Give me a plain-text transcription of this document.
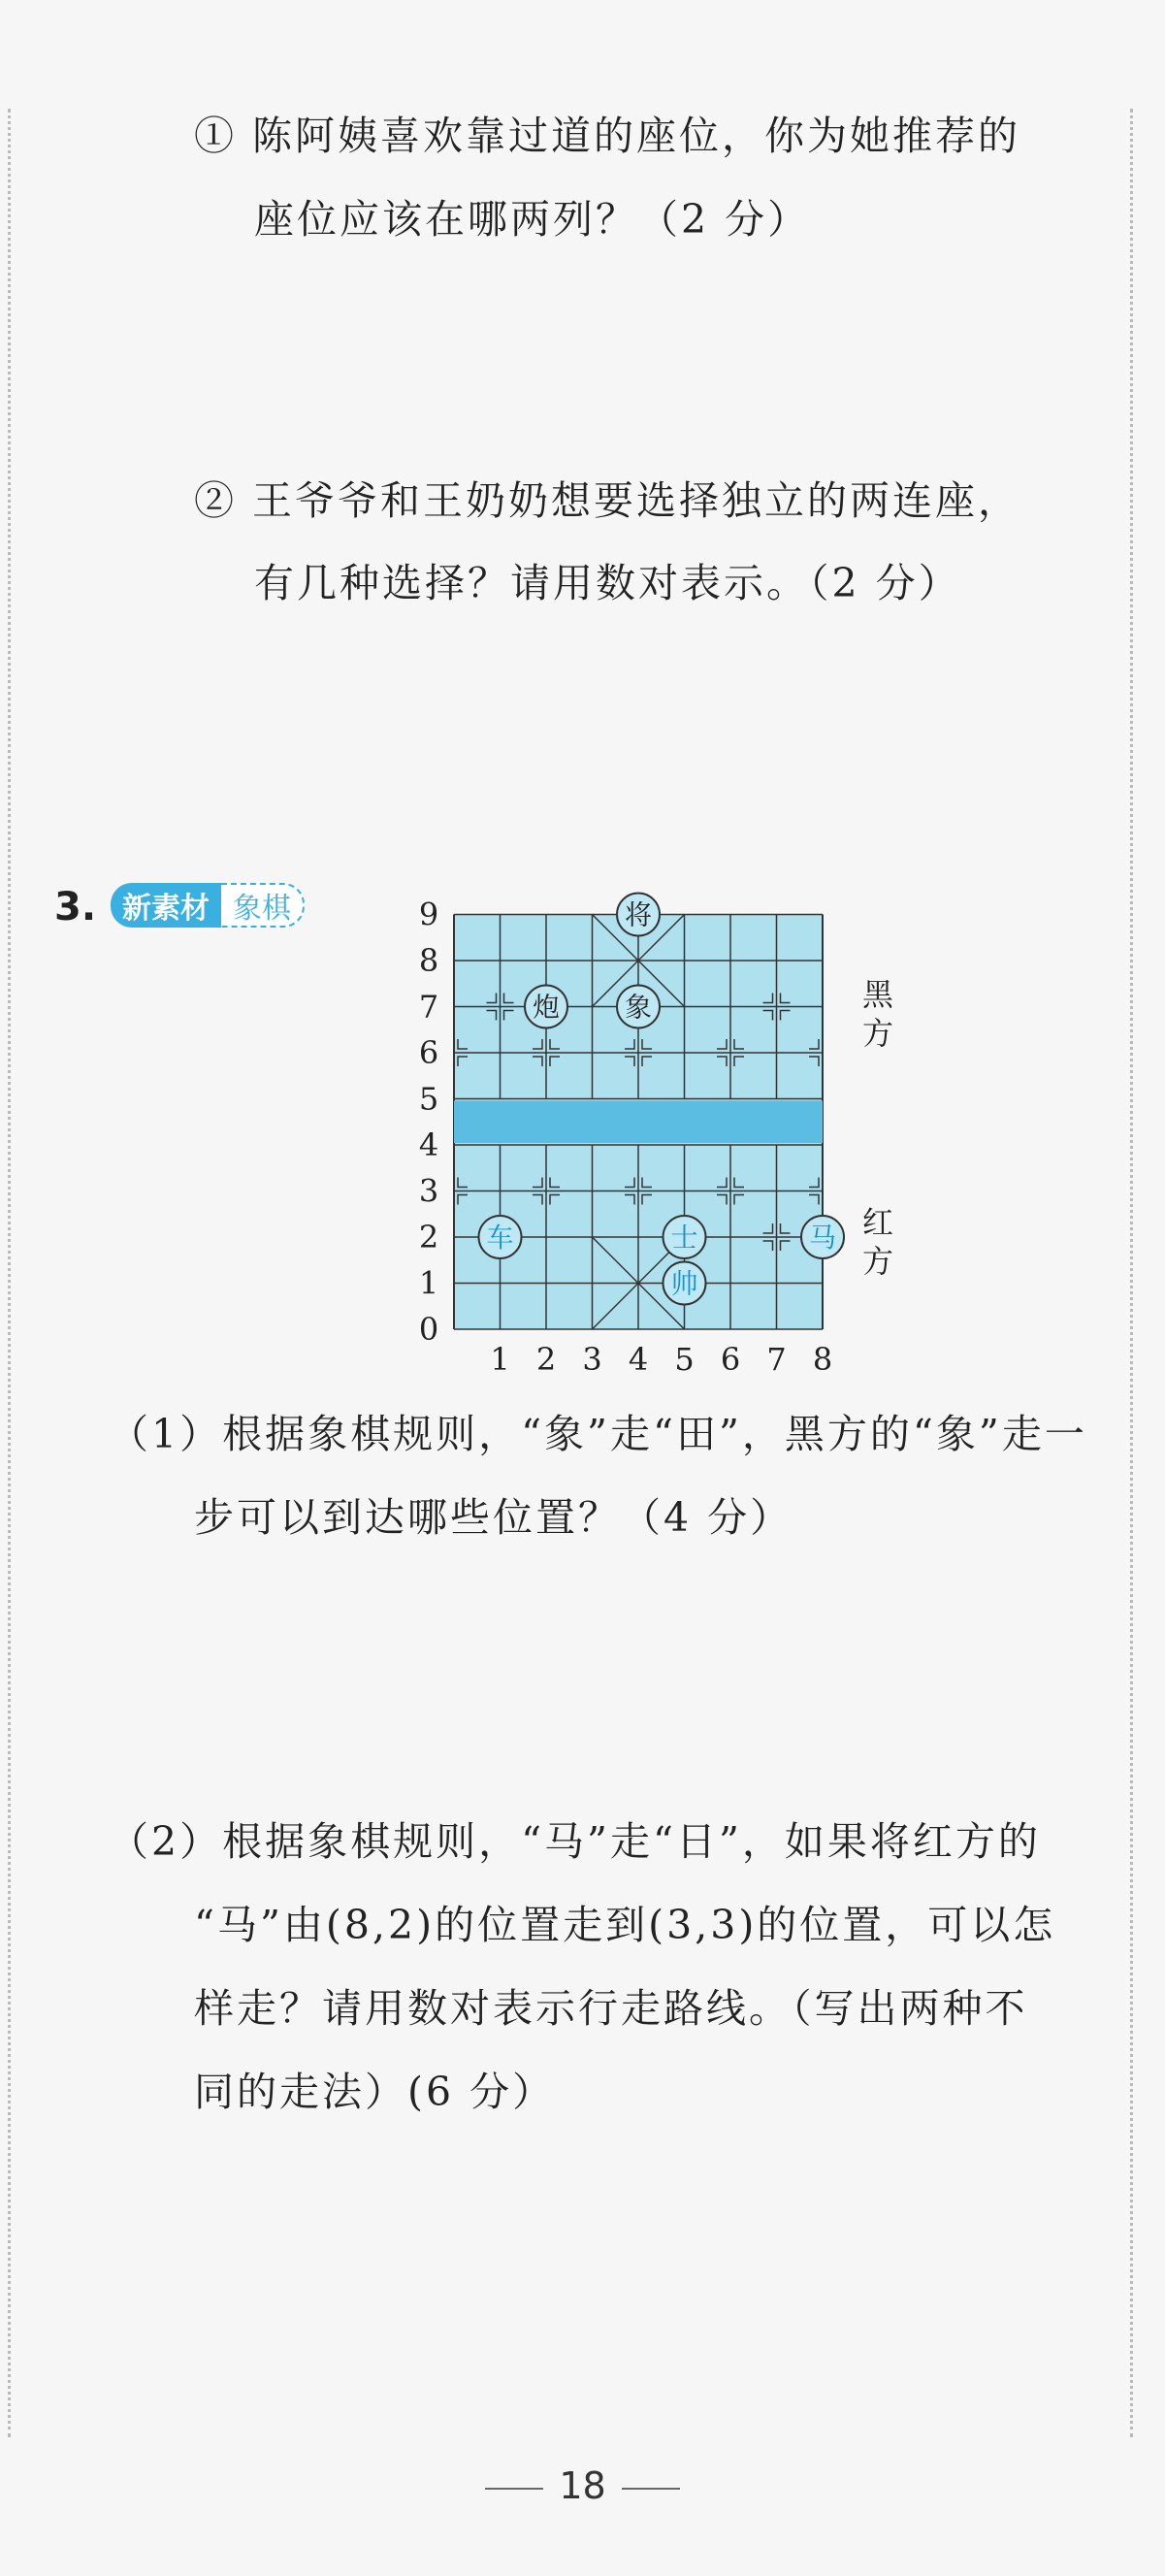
① 陈阿姨喜欢靠过道的座位，你为她推荐的
座位应该在哪两列？（2 分）
② 王爷爷和王奶奶想要选择独立的两连座，
有几种选择？请用数对表示。（2 分）
3. 新素材 象棋
1 2 3 4 5 6 7 8
0
1
2
3
4
5
6
7
8
9	将
炮 象
车	士	马
帅
黑方
红方
（1）根据象棋规则，“象”走“田”，黑方的“象”走一
步可以到达哪些位置？（4 分）
（2）根据象棋规则，“马”走“日”，如果将红方的
“马”由(8,2)的位置走到(3,3)的位置，可以怎
样走？请用数对表示行走路线。（写出两种不
同的走法）(6 分）
18
